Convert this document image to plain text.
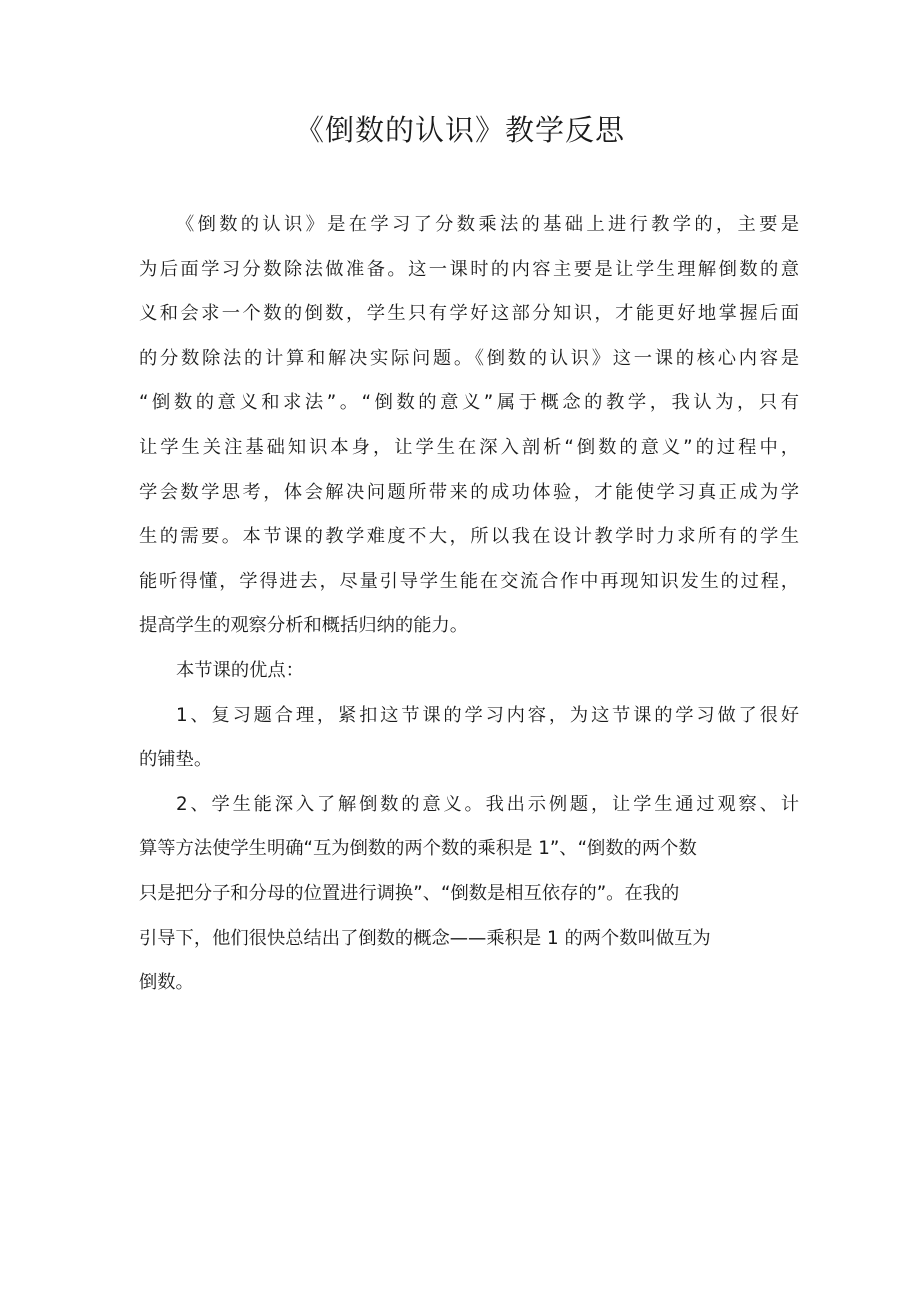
《倒数的认识》教学反思
《倒数的认识》是在学习了分数乘法的基础上进行教学的，主要是
为后面学习分数除法做准备。这一课时的内容主要是让学生理解倒数的意
义和会求一个数的倒数，学生只有学好这部分知识，才能更好地掌握后面
的分数除法的计算和解决实际问题。《倒数的认识》这一课的核心内容是
“倒数的意义和求法”。“倒数的意义”属于概念的教学，我认为，只有
让学生关注基础知识本身，让学生在深入剖析“倒数的意义”的过程中，
学会数学思考，体会解决问题所带来的成功体验，才能使学习真正成为学
生的需要。本节课的教学难度不大，所以我在设计教学时力求所有的学生
能听得懂，学得进去，尽量引导学生能在交流合作中再现知识发生的过程，
提高学生的观察分析和概括归纳的能力。
本节课的优点：
1、复习题合理，紧扣这节课的学习内容，为这节课的学习做了很好
的铺垫。
2、学生能深入了解倒数的意义。我出示例题，让学生通过观察、计
算等方法使学生明确“互为倒数的两个数的乘积是 1”、“倒数的两个数
只是把分子和分母的位置进行调换”、“倒数是相互依存的”。在我的
引导下，他们很快总结出了倒数的概念——乘积是 1 的两个数叫做互为
倒数。
